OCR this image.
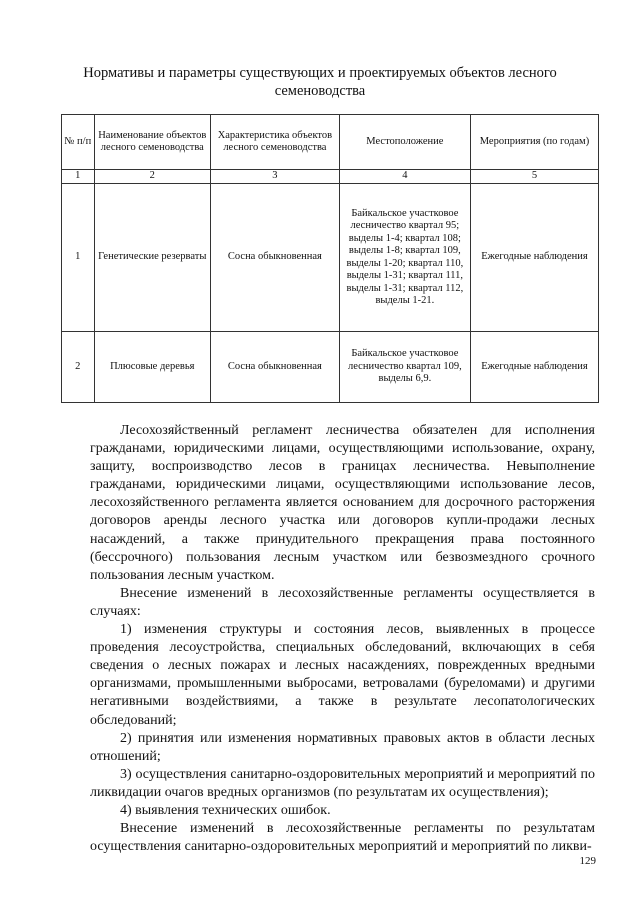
Нормативы и параметры существующих и проектируемых объектов лесного семеноводства
№ п/п	Наименование объектов лесного семеноводства	Характеристика объектов лесного семеноводства	Местоположение	Мероприятия (по годам)
1	2	3	4	5
1	Генетические резерваты	Сосна обыкновенная	Байкальское участковое лесничество квартал 95; выделы 1-4; квартал 108; выделы 1-8; квартал 109, выделы 1-20; квартал 110, выделы 1-31; квартал 111, выделы 1-31; квартал 112, выделы 1-21.	Ежегодные наблюдения
2	Плюсовые деревья	Сосна обыкновенная	Байкальское участковое лесничество квартал 109, выделы 6,9.	Ежегодные наблюдения

Лесохозяйственный регламент лесничества обязателен для исполнения гражданами, юридическими лицами, осуществляющими использование, охрану, защиту, воспроизводство лесов в границах лесничества. Невыполнение гражданами, юридическими лицами, осуществляющими использование лесов, лесохозяйственного регламента является основанием для досрочного расторжения договоров аренды лесного участка или договоров купли-продажи лесных насаждений, а также принудительного прекращения права постоянного (бессрочного) пользования лесным участком или безвозмездного срочного пользования лесным участком.

Внесение изменений в лесохозяйственные регламенты осуществляется в случаях:

1) изменения структуры и состояния лесов, выявленных в процессе проведения лесоустройства, специальных обследований, включающих в себя сведения о лесных пожарах и лесных насаждениях, поврежденных вредными организмами, промышленными выбросами, ветровалами (буреломами) и другими негативными воздействиями, а также в результате лесопатологических обследований;

2) принятия или изменения нормативных правовых актов в области лесных отношений;

3) осуществления санитарно-оздоровительных мероприятий и мероприятий по ликвидации очагов вредных организмов (по результатам их осуществления);

4) выявления технических ошибок.

Внесение изменений в лесохозяйственные регламенты по результатам осуществления санитарно-оздоровительных мероприятий и мероприятий по ликви-

129
